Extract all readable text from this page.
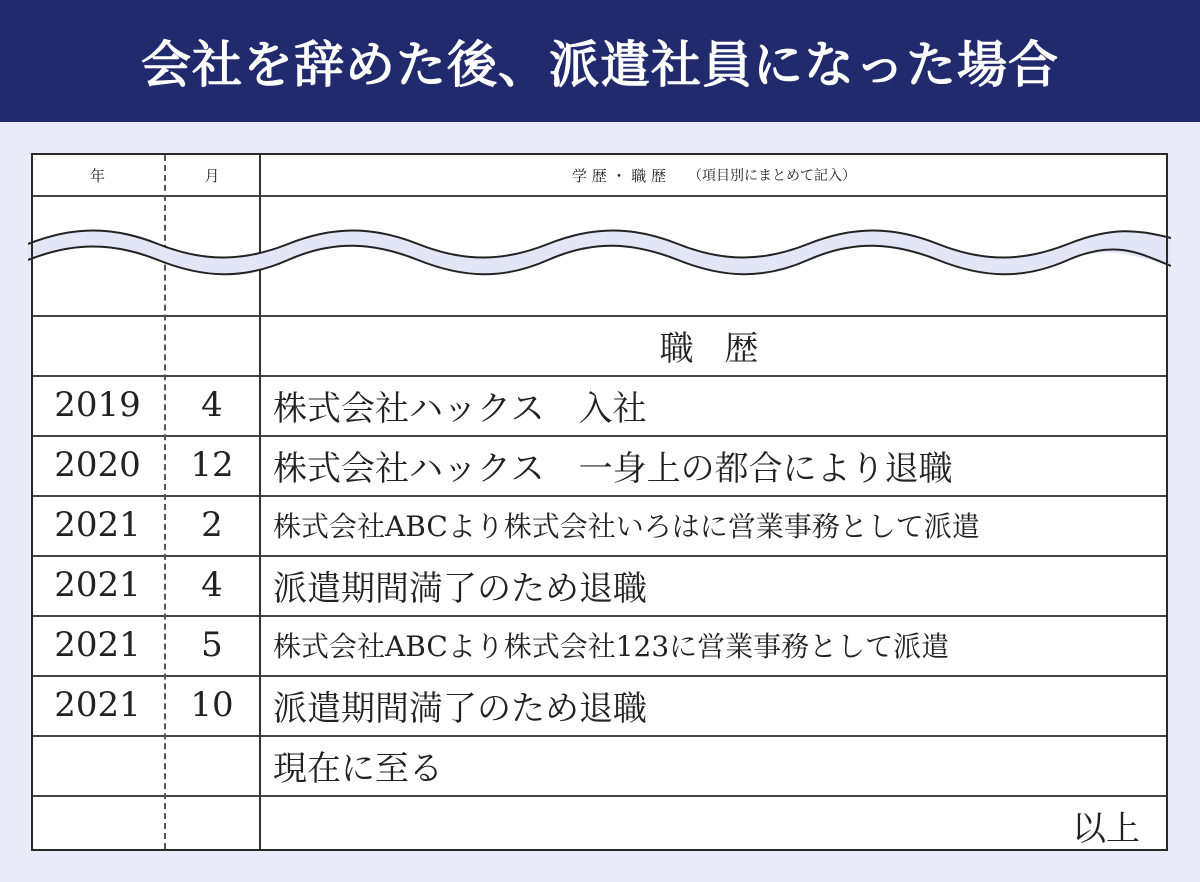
会社を辞めた後、派遣社員になった場合
年	月	学 歴 ・ 職 歴 （項目別にまとめて記入）
職 歴
2019	4	株式会社ハックス　入社
2020	12	株式会社ハックス　一身上の都合により退職
2021	2	株式会社ABCより株式会社いろはに営業事務として派遣
2021	4	派遣期間満了のため退職
2021	5	株式会社ABCより株式会社123に営業事務として派遣
2021	10	派遣期間満了のため退職
現在に至る
以上
